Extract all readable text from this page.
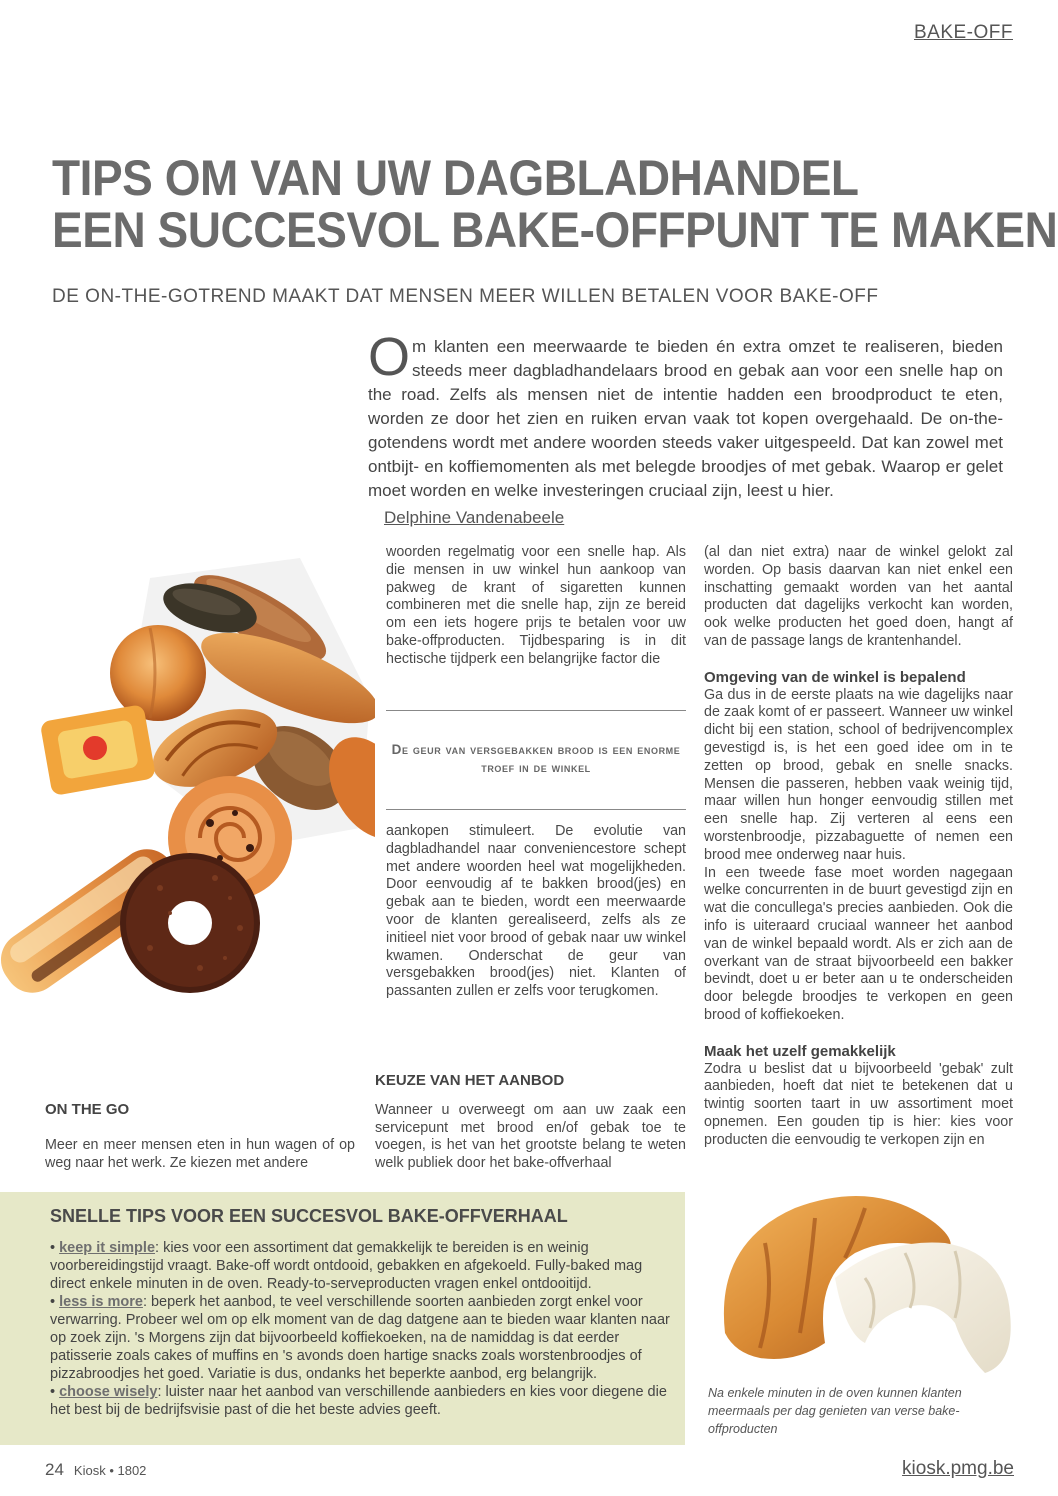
BAKE-OFF
TIPS OM VAN UW DAGBLADHANDEL
EEN SUCCESVOL BAKE-OFFPUNT TE MAKEN
DE ON-THE-GOTREND MAAKT DAT MENSEN MEER WILLEN BETALEN VOOR BAKE-OFF
Om klanten een meerwaarde te bieden én extra omzet te realiseren, bieden steeds meer dagbladhandelaars brood en gebak aan voor een snelle hap on the road. Zelfs als mensen niet de intentie hadden een broodproduct te eten, worden ze door het zien en ruiken ervan vaak tot kopen overgehaald. De on-the-gotendens wordt met andere woorden steeds vaker uitgespeeld. Dat kan zowel met ontbijt- en koffiemomenten als met belegde broodjes of met gebak. Waarop er gelet moet worden en welke investeringen cruciaal zijn, leest u hier.
Delphine Vandenabeele

woorden regelmatig voor een snelle hap. Als die mensen in uw winkel hun aankoop van pakweg de krant of sigaretten kunnen combineren met die snelle hap, zijn ze bereid om een iets hogere prijs te betalen voor uw bake-offproducten. Tijdbesparing is in dit hectische tijdperk een belangrijke factor die

De geur van versgebakken brood is een enorme troef in de winkel

aankopen stimuleert. De evolutie van dagbladhandel naar conveniencestore schept met andere woorden heel wat mogelijkheden. Door eenvoudig af te bakken brood(jes) en gebak aan te bieden, wordt een meerwaarde voor de klanten gerealiseerd, zelfs als ze initieel niet voor brood of gebak naar uw winkel kwamen. Onderschat de geur van versgebakken brood(jes) niet. Klanten of passanten zullen er zelfs voor terugkomen.

KEUZE VAN HET AANBOD

Wanneer u overweegt om aan uw zaak een servicepunt met brood en/of gebak toe te voegen, is het van het grootste belang te weten welk publiek door het bake-offverhaal

(al dan niet extra) naar de winkel gelokt zal worden. Op basis daarvan kan niet enkel een inschatting gemaakt worden van het aantal producten dat dagelijks verkocht kan worden, ook welke producten het goed doen, hangt af van de passage langs de krantenhandel.

Omgeving van de winkel is bepalend

Ga dus in de eerste plaats na wie dagelijks naar de zaak komt of er passeert. Wanneer uw winkel dicht bij een station, school of bedrijvencomplex gevestigd is, is het een goed idee om in te zetten op brood, gebak en snelle snacks. Mensen die passeren, hebben vaak weinig tijd, maar willen hun honger eenvoudig stillen met een snelle hap. Zij verteren al eens een worstenbroodje, pizzabaguette of nemen een brood mee onderweg naar huis.

In een tweede fase moet worden nagegaan welke concurrenten in de buurt gevestigd zijn en wat die concullega's precies aanbieden. Ook die info is uiteraard cruciaal wanneer het aanbod van de winkel bepaald wordt. Als er zich aan de overkant van de straat bijvoorbeeld een bakker bevindt, doet u er beter aan u te onderscheiden door belegde broodjes te verkopen en geen brood of koffiekoeken.

Maak het uzelf gemakkelijk

Zodra u beslist dat u bijvoorbeeld 'gebak' zult aanbieden, hoeft dat niet te betekenen dat u twintig soorten taart in uw assortiment moet opnemen. Een gouden tip is hier: kies voor producten die eenvoudig te verkopen zijn en

ON THE GO

Meer en meer mensen eten in hun wagen of op weg naar het werk. Ze kiezen met andere

SNELLE TIPS VOOR EEN SUCCESVOL BAKE-OFFVERHAAL

• keep it simple: kies voor een assortiment dat gemakkelijk te bereiden is en weinig voorbereidingstijd vraagt. Bake-off wordt ontdooid, gebakken en afgekoeld. Fully-baked mag direct enkele minuten in de oven. Ready-to-serveproducten vragen enkel ontdooitijd.

• less is more: beperk het aanbod, te veel verschillende soorten aanbieden zorgt enkel voor verwarring. Probeer wel om op elk moment van de dag datgene aan te bieden waar klanten naar op zoek zijn. 's Morgens zijn dat bijvoorbeeld koffiekoeken, na de namiddag is dat eerder patisserie zoals cakes of muffins en 's avonds doen hartige snacks zoals worstenbroodjes of pizzabroodjes het goed. Variatie is dus, ondanks het beperkte aanbod, erg belangrijk.

• choose wisely: luister naar het aanbod van verschillende aanbieders en kies voor diegene die het best bij de bedrijfsvisie past of die het beste advies geeft.

Na enkele minuten in de oven kunnen klanten meermaals per dag genieten van verse bake-offproducten
24 Kiosk • 1802	kiosk.pmg.be
